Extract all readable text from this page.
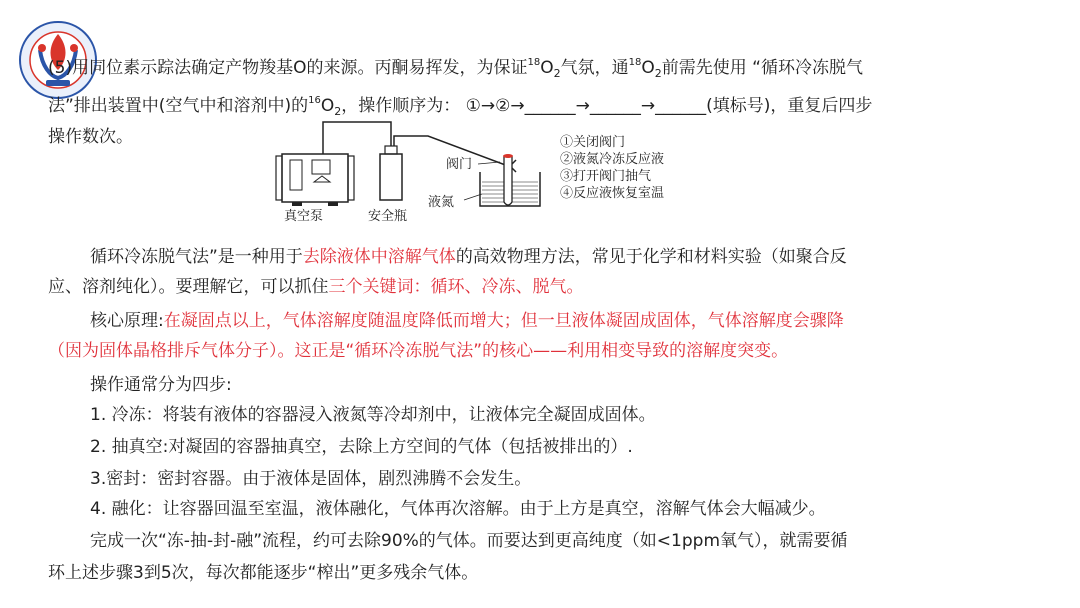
(5)用同位素示踪法确定产物羧基O的来源。丙酮易挥发，为保证$^{18}O_2$气氛，通$^{18}O_2$前需先使用 “循环冷冻脱气
法”排出装置中(空气中和溶剂中)的$^{16}O_2$，操作顺序为： ①→②→______→______→______(填标号)，重复后四步
操作数次。
真空泵	安全瓶
阀门
液氮
①关闭阀门
②液氮冷冻反应液
③打开阀门抽气
④反应液恢复室温
循环冷冻脱气法”是一种用于去除液体中溶解气体的高效物理方法，常见于化学和材料实验（如聚合反
应、溶剂纯化）。要理解它，可以抓住三个关键词：循环、冷冻、脱气。
核心原理:在凝固点以上，气体溶解度随温度降低而增大；但一旦液体凝固成固体，气体溶解度会骤降
（因为固体晶格排斥气体分子）。这正是“循环冷冻脱气法”的核心——利用相变导致的溶解度突变。
操作通常分为四步:
1. 冷冻：将装有液体的容器浸入液氮等冷却剂中，让液体完全凝固成固体。
2. 抽真空:对凝固的容器抽真空，去除上方空间的气体（包括被排出的）.
3.密封：密封容器。由于液体是固体，剧烈沸腾不会发生。
4. 融化：让容器回温至室温，液体融化，气体再次溶解。由于上方是真空，溶解气体会大幅减少。
完成一次“冻-抽-封-融”流程，约可去除90%的气体。而要达到更高纯度（如<1ppm氧气），就需要循
环上述步骤3到5次，每次都能逐步“榨出”更多残余气体。
